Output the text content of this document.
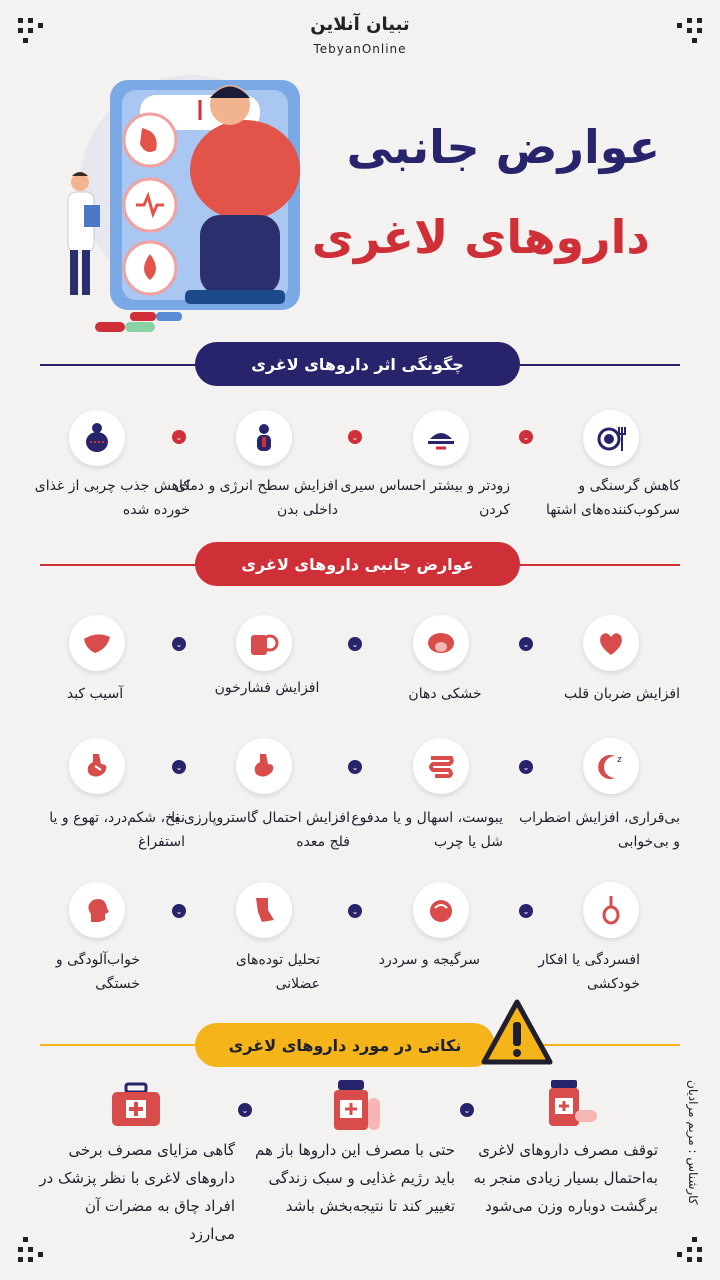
تبیان آنلاین
TebyanOnline
عوارض جانبی
داروهای لاغری
چگونگی اثر داروهای لاغری
⌄
⌄
⌄
کاهش گرسنگی و سرکوب‌کننده‌های اشتها
زودتر و بیشتر احساس سیری کردن
افزایش سطح انرژی و دمای داخلی بدن
کاهش جذب چربی از غذای خورده شده
عوارض جانبی داروهای لاغری
⌄
⌄
⌄
افزایش ضربان قلب
خشکی دهان
افزایش فشارخون
آسیب کبد
z
⌄
⌄
⌄
بی‌قراری، افزایش اضطراب و بی‌خوابی
یبوست، اسهال و یا مدفوع شل یا چرب
افزایش احتمال گاستروپارزی یا فلج معده
نفخ، شکم‌درد، تهوع و یا استفراغ
⌄
⌄
⌄
افسردگی یا افکار خودکشی
سرگیجه و سردرد
تحلیل توده‌های عضلانی
خواب‌آلودگی و خستگی
نکاتی در مورد داروهای لاغری
⌄
⌄
توقف مصرف داروهای لاغری به‌احتمال بسیار زیادی منجر به برگشت دوباره وزن می‌شود
حتی با مصرف این داروها باز هم باید رژیم غذایی و سبک زندگی تغییر کند تا نتیجه‌بخش باشد
گاهی مزایای مصرف برخی داروهای لاغری با نظر پزشک در افراد چاق به مضرات آن می‌ارزد
کارشناس : مریم مرادیان
